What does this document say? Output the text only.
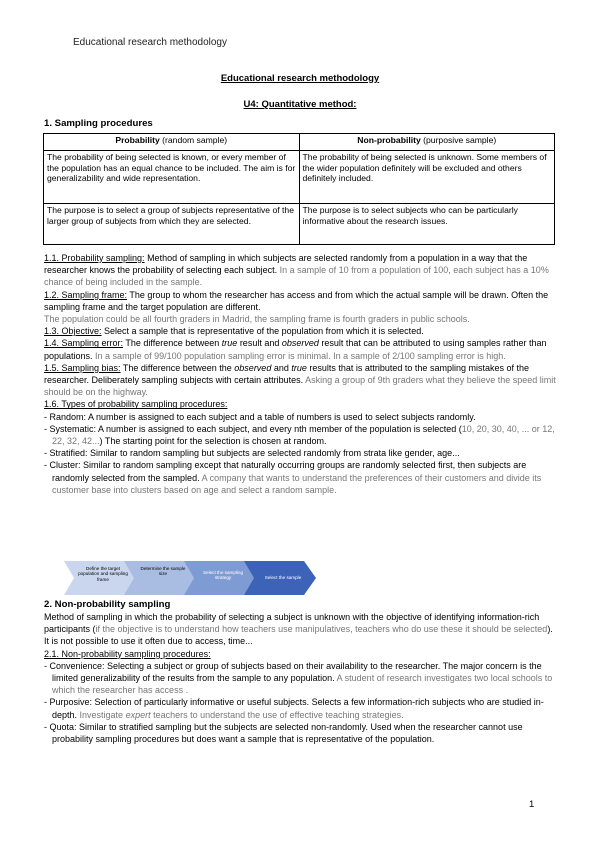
Educational research methodology
Educational research methodology
U4: Quantitative method:
1. Sampling procedures
Probability (random sample)	Non-probability (purposive sample)
The probability of being selected is known, or every member of the population has an equal chance to be included. The aim is for generalizability and wide representation.	The probability of being selected is unknown. Some members of the wider population definitely will be excluded and others definitely included.
The purpose is to select a group of subjects representative of the larger group of subjects from which they are selected.	The purpose is to select subjects who can be particularly informative about the research issues.

1.1. Probability sampling: Method of sampling in which subjects are selected randomly from a population in a way that the researcher knows the probability of selecting each subject. In a sample of 10 from a population of 100, each subject has a 10% chance of being included in the sample.

1.2. Sampling frame: The group to whom the researcher has access and from which the actual sample will be drawn. Often the sampling frame and the target population are different.

The population could be all fourth graders in Madrid, the sampling frame is fourth graders in public schools.

1.3. Objective: Select a sample that is representative of the population from which it is selected.

1.4. Sampling error: The difference between true result and observed result that can be attributed to using samples rather than populations. In a sample of 99/100 population sampling error is minimal. In a sample of 2/100 sampling error is high.

1.5. Sampling bias: The difference between the observed and true results that is attributed to the sampling mistakes of the researcher. Deliberately sampling subjects with certain attributes. Asking a group of 9th graders what they believe the speed limit should be on the highway.

1.6. Types of probability sampling procedures:

- Random: A number is assigned to each subject and a table of numbers is used to select subjects randomly.

- Systematic: A number is assigned to each subject, and every nth member of the population is selected (10, 20, 30, 40, ... or 12, 22, 32, 42...) The starting point for the selection is chosen at random.

- Stratified: Similar to random sampling but subjects are selected randomly from strata like gender, age...

- Cluster: Similar to random sampling except that naturally occurring groups are randomly selected first, then subjects are randomly selected from the sampled. A company that wants to understand the preferences of their customers and divide its customer base into clusters based on age and select a random sample.

Define the target population and sampling frame
Determine the sample size	Select the sampling strategy	Select the sample
2. Non-probability sampling

Method of sampling in which the probability of selecting a subject is unknown with the objective of identifying information-rich participants (if the objective is to understand how teachers use manipulatives, teachers who do use these it should be selected). It is not possible to use it often due to access, time...

2.1. Non-probability sampling procedures:

- Convenience: Selecting a subject or group of subjects based on their availability to the researcher. The major concern is the limited generalizability of the results from the sample to any population. A student of research investigates two local schools to which the researcher has access .

- Purposive: Selection of particularly informative or useful subjects. Selects a few information-rich subjects who are studied in-depth. Investigate expert teachers to understand the use of effective teaching strategies.

- Quota: Similar to stratified sampling but the subjects are selected non-randomly. Used when the researcher cannot use probability sampling procedures but does want a sample that is representative of the population.

1
